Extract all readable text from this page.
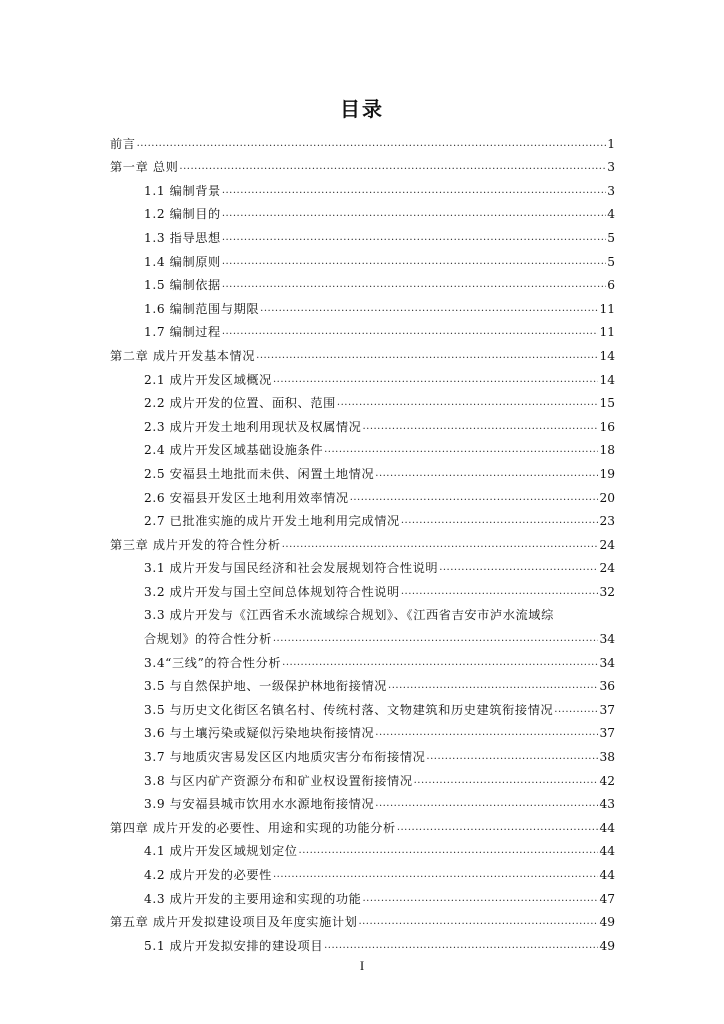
目录
前言 .....	1
第一章 总则 .....	3
1.1 编制背景 .....	3
1.2 编制目的 .....	4
1.3 指导思想 .....	5
1.4 编制原则 .....	5
1.5 编制依据 .....	6
1.6 编制范围与期限 .....	11
1.7 编制过程 .....	11
第二章 成片开发基本情况 .....	14
2.1 成片开发区域概况 .....	14
2.2 成片开发的位置、面积、范围 .....	15
2.3 成片开发土地利用现状及权属情况 .....	16
2.4 成片开发区域基础设施条件 .....	18
2.5 安福县土地批而未供、闲置土地情况 .....	19
2.6 安福县开发区土地利用效率情况 .....	20
2.7 已批准实施的成片开发土地利用完成情况 .....	23
第三章 成片开发的符合性分析 .....	24
3.1 成片开发与国民经济和社会发展规划符合性说明 .....	24
3.2 成片开发与国土空间总体规划符合性说明 .....	32
3.3 成片开发与《江西省禾水流域综合规划》、《江西省吉安市泸水流域综
合规划》的符合性分析 .....	34
3.4“三线”的符合性分析 .....	34
3.5 与自然保护地、一级保护林地衔接情况 .....	36
3.5 与历史文化街区名镇名村、传统村落、文物建筑和历史建筑衔接情况 .....	37
3.6 与土壤污染或疑似污染地块衔接情况 .....	37
3.7 与地质灾害易发区区内地质灾害分布衔接情况 .....	38
3.8 与区内矿产资源分布和矿业权设置衔接情况 .....	42
3.9 与安福县城市饮用水水源地衔接情况 .....	43
第四章 成片开发的必要性、用途和实现的功能分析 .....	44
4.1 成片开发区域规划定位 .....	44
4.2 成片开发的必要性 .....	44
4.3 成片开发的主要用途和实现的功能 .....	47
第五章 成片开发拟建设项目及年度实施计划 .....	49
5.1 成片开发拟安排的建设项目 .....	49
I
